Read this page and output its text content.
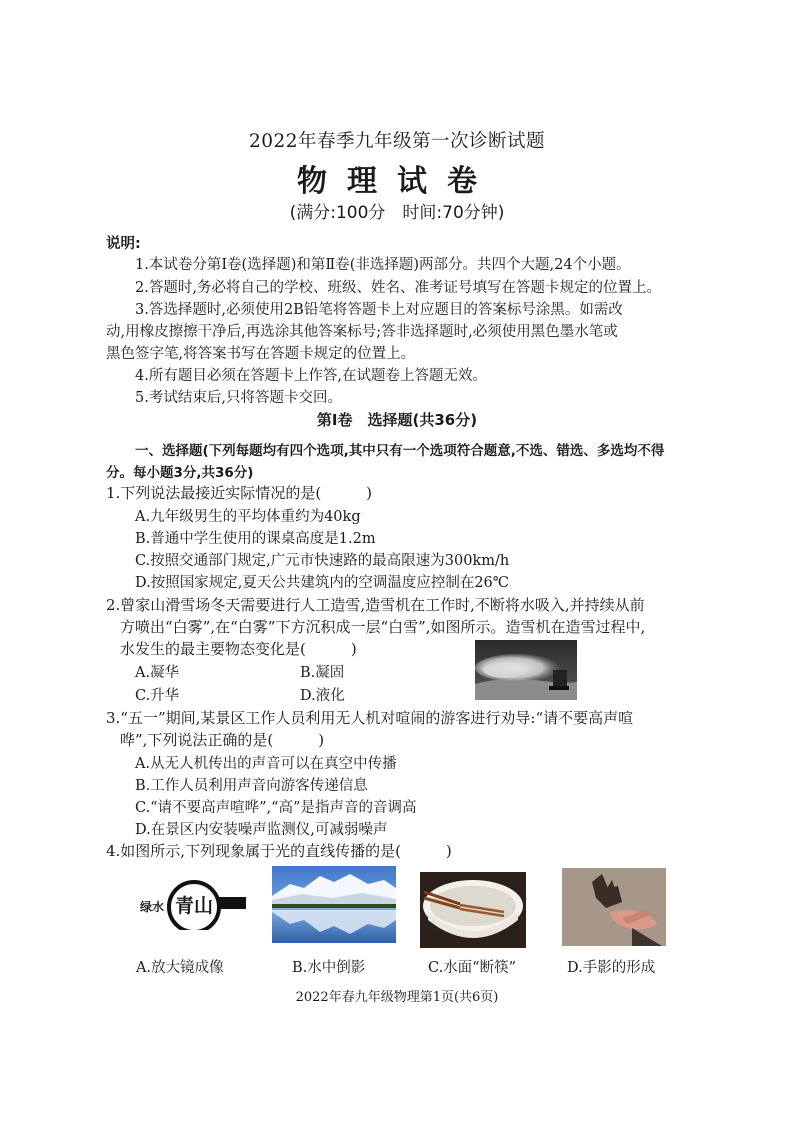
2022年春季九年级第一次诊断试题
物理试卷
(满分:100分　时间:70分钟)
说明:
1.本试卷分第Ⅰ卷(选择题)和第Ⅱ卷(非选择题)两部分。共四个大题,24个小题。
2.答题时,务必将自己的学校、班级、姓名、准考证号填写在答题卡规定的位置上。
3.答选择题时,必须使用2B铅笔将答题卡上对应题目的答案标号涂黑。如需改
动,用橡皮擦擦干净后,再选涂其他答案标号;答非选择题时,必须使用黑色墨水笔或
黑色签字笔,将答案书写在答题卡规定的位置上。
4.所有题目必须在答题卡上作答,在试题卷上答题无效。
5.考试结束后,只将答题卡交回。
第Ⅰ卷　选择题(共36分)
一、选择题(下列每题均有四个选项,其中只有一个选项符合题意,不选、错选、多选均不得
分。每小题3分,共36分)
1.下列说法最接近实际情况的是(　　　)
A.九年级男生的平均体重约为40kg
B.普通中学生使用的课桌高度是1.2m
C.按照交通部门规定,广元市快速路的最高限速为300km/h
D.按照国家规定,夏天公共建筑内的空调温度应控制在26℃
2.曾家山滑雪场冬天需要进行人工造雪,造雪机在工作时,不断将水吸入,并持续从前
方喷出“白雾”,在“白雾”下方沉积成一层“白雪”,如图所示。造雪机在造雪过程中,
水发生的最主要物态变化是(　　　)
A.凝华	B.凝固
C.升华	D.液化
3.“五一”期间,某景区工作人员利用无人机对喧闹的游客进行劝导:“请不要高声喧
哗”,下列说法正确的是(　　　)
A.从无人机传出的声音可以在真空中传播
B.工作人员利用声音向游客传递信息
C.“请不要高声喧哗”,“高”是指声音的音调高
D.在景区内安装噪声监测仪,可减弱噪声
4.如图所示,下列现象属于光的直线传播的是(　　　)
绿水 青山
A.放大镜成像	B.水中倒影	C.水面“断筷”	D.手影的形成
2022年春九年级物理第1页(共6页)
